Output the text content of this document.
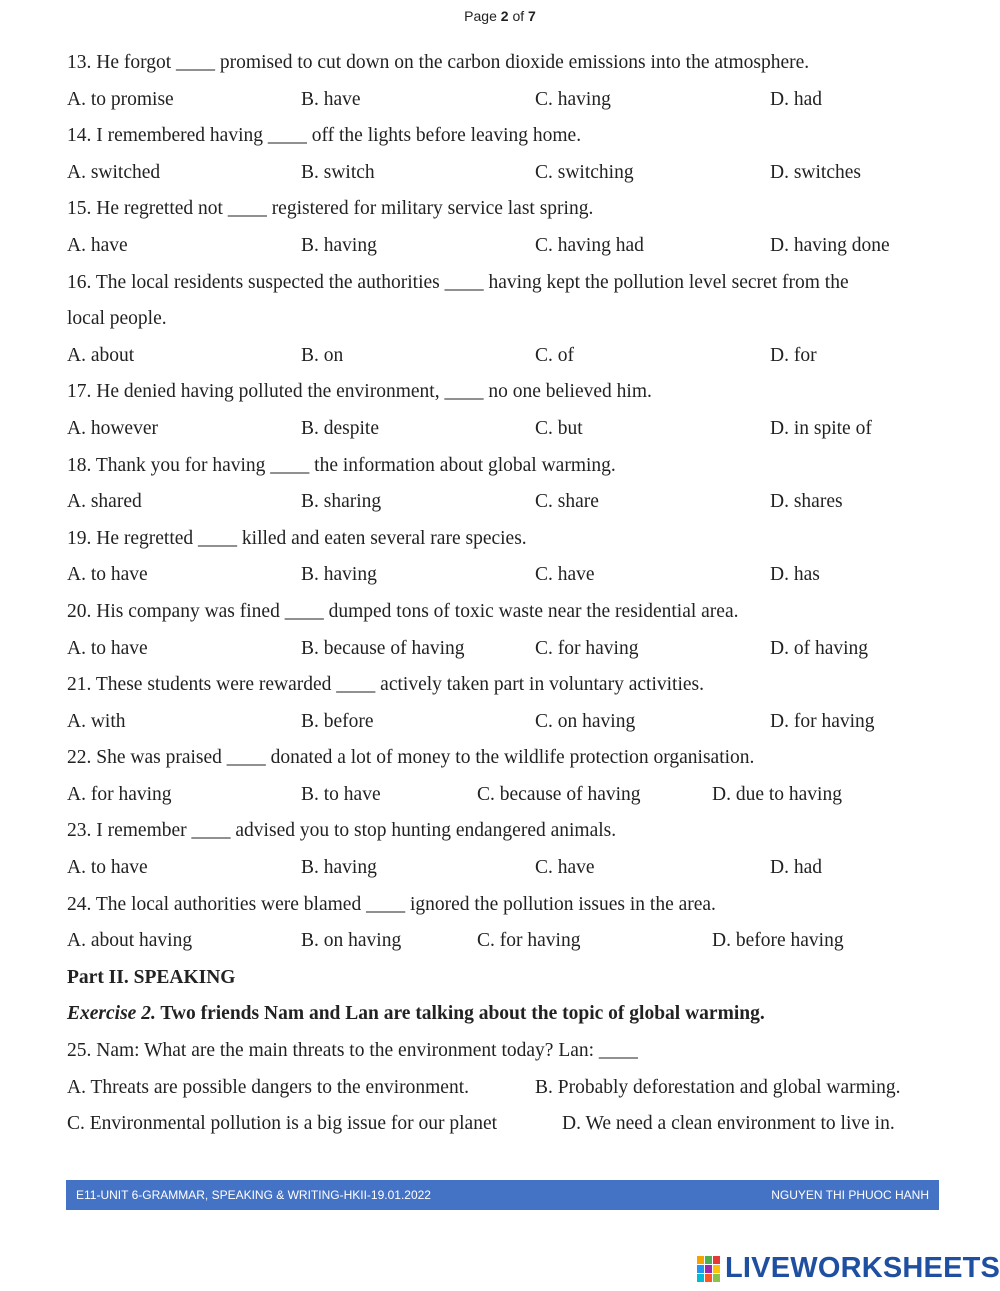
Page 2 of 7
13. He forgot ____ promised to cut down on the carbon dioxide emissions into the atmosphere.
A. to promise	B. have	C. having	D. had
14. I remembered having ____ off the lights before leaving home.
A. switched	B. switch	C. switching	D. switches
15. He regretted not ____ registered for military service last spring.
A. have	B. having	C. having had	D. having done
16. The local residents suspected the authorities ____ having kept the pollution level secret from the
local people.
A. about	B. on	C. of	D. for
17. He denied having polluted the environment, ____ no one believed him.
A. however	B. despite	C. but	D. in spite of
18. Thank you for having ____ the information about global warming.
A. shared	B. sharing	C. share	D. shares
19. He regretted ____ killed and eaten several rare species.
A. to have	B. having	C. have	D. has
20. His company was fined ____ dumped tons of toxic waste near the residential area.
A. to have	B. because of having	C. for having	D. of having
21. These students were rewarded ____ actively taken part in voluntary activities.
A. with	B. before	C. on having	D. for having
22. She was praised ____ donated a lot of money to the wildlife protection organisation.
A. for having	B. to have	C. because of having	D. due to having
23. I remember ____ advised you to stop hunting endangered animals.
A. to have	B. having	C. have	D. had
24. The local authorities were blamed ____ ignored the pollution issues in the area.
A. about having	B. on having	C. for having	D. before having
Part II. SPEAKING
Exercise 2. Two friends Nam and Lan are talking about the topic of global warming.
25. Nam: What are the main threats to the environment today? Lan: ____
A. Threats are possible dangers to the environment.	B. Probably deforestation and global warming.
C. Environmental pollution is a big issue for our planet	D. We need a clean environment to live in.
E11-UNIT 6-GRAMMAR, SPEAKING & WRITING-HKII-19.01.2022	NGUYEN THI PHUOC HANH
LIVEWORKSHEETS
